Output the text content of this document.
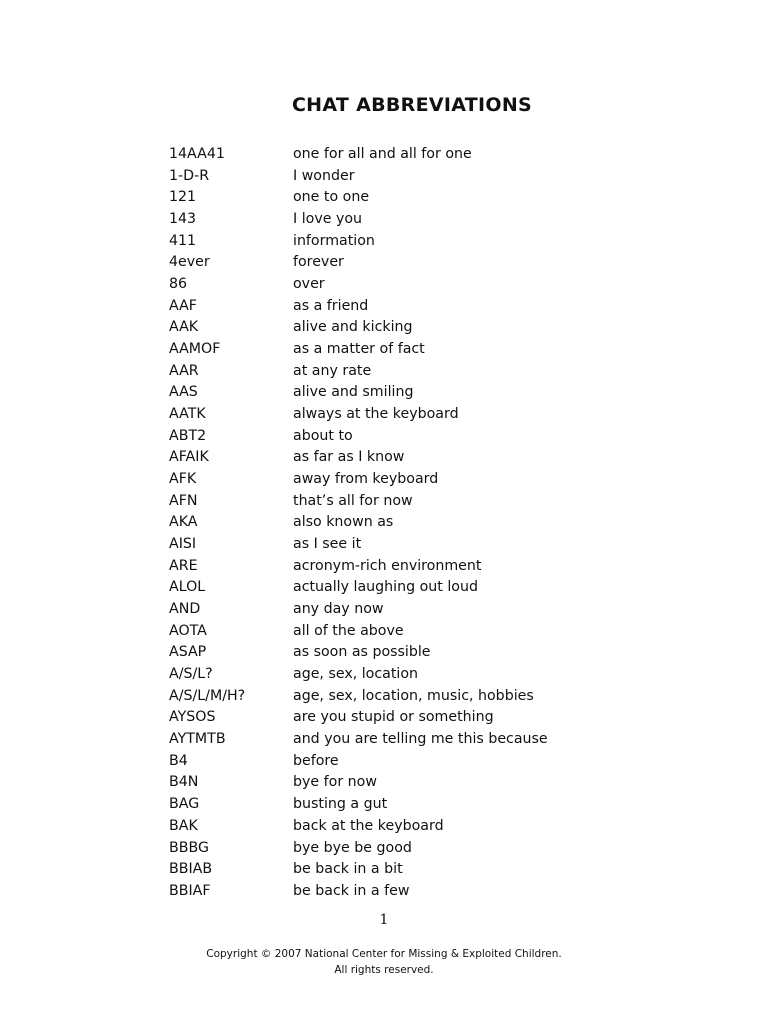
CHAT ABBREVIATIONS
14AA41	one for all and all for one
1-D-R	I wonder
121	one to one
143	I love you
411	information
4ever	forever
86	over
AAF	as a friend
AAK	alive and kicking
AAMOF	as a matter of fact
AAR	at any rate
AAS	alive and smiling
AATK	always at the keyboard
ABT2	about to
AFAIK	as far as I know
AFK	away from keyboard
AFN	that’s all for now
AKA	also known as
AISI	as I see it
ARE	acronym-rich environment
ALOL	actually laughing out loud
AND	any day now
AOTA	all of the above
ASAP	as soon as possible
A/S/L?	age, sex, location
A/S/L/M/H?	age, sex, location, music, hobbies
AYSOS	are you stupid or something
AYTMTB	and you are telling me this because
B4	before
B4N	bye for now
BAG	busting a gut
BAK	back at the keyboard
BBBG	bye bye be good
BBIAB	be back in a bit
BBIAF	be back in a few
1
Copyright © 2007 National Center for Missing & Exploited Children.
All rights reserved.
